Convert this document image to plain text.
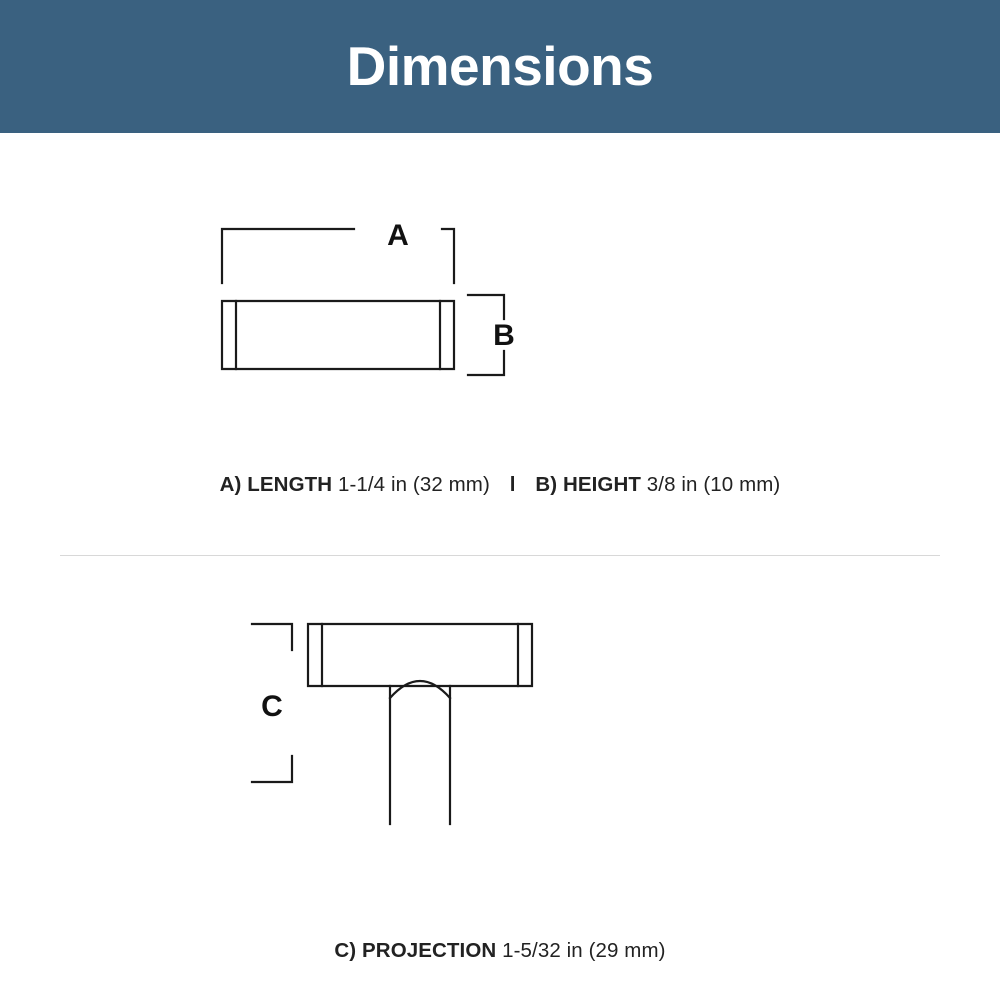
Dimensions
A
B
A) LENGTH 1-1/4 in (32 mm) l B) HEIGHT 3/8 in (10 mm)
C
C) PROJECTION 1-5/32 in (29 mm)
